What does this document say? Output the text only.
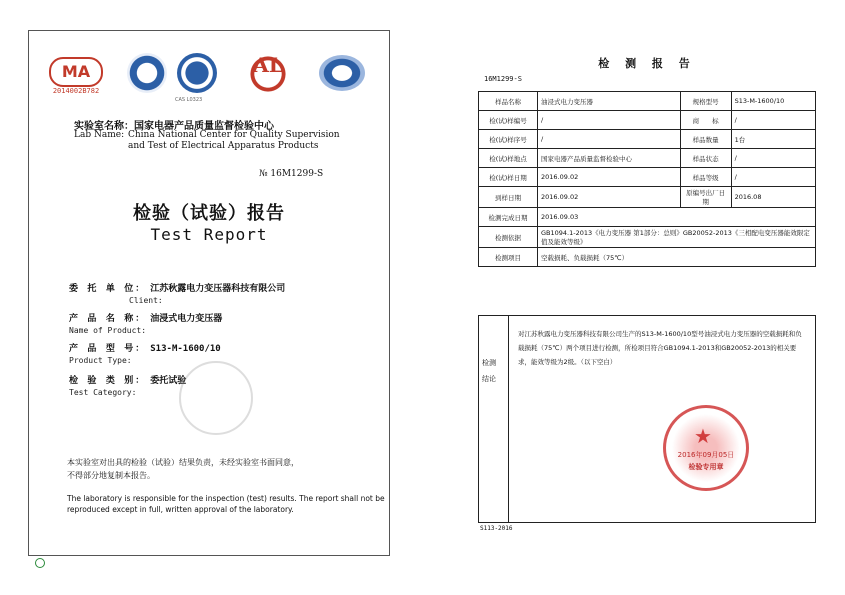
MA
2014002B782
CAS L0323
AL
实验室名称：国家电器产品质量监督检验中心
Lab Name: China National Center for Quality Supervision
and Test of Electrical Apparatus Products
№ 16M1299-S
检验（试验）报告
Test Report
委 托 单 位： 江苏秋露电力变压器科技有限公司
Client:
产 品 名 称： 油浸式电力变压器
Name of Product:
产 品 型 号： S13-M-1600/10
Product Type:
检 验 类 别： 委托试验
Test Category:
本实验室对出具的检验（试验）结果负责，未经实验室书面同意，
不得部分地复制本报告。
The laboratory is responsible for the inspection (test) results. The report shall not be reproduced except in full, written approval of the laboratory.
检 测 报 告
16M1299-S
样品名称	油浸式电力变压器	规格型号	S13-M-1600/10
检(试)样编号	/	商　　标	/
检(试)样序号	/	样品数量	1台
检(试)样地点	国家电器产品质量监督检验中心	样品状态	/
检(试)样日期	2016.09.02	样品等级	/
到样日期	2016.09.02	原编号出厂日期	2016.08
检测完成日期	2016.09.03		
检测依据	GB1094.1-2013《电力变压器 第1部分：总则》GB20052-2013《三相配电变压器能效限定值及能效等级》		
检测项目	空载损耗、负载损耗（75℃）		
检测结论
对江苏秋露电力变压器科技有限公司生产的S13-M-1600/10型号油浸式电力变压器的空载损耗和负载损耗（75℃）两个项目进行检测，所检项目符合GB1094.1-2013和GB20052-2013的相关要求，能效等级为2级。（以下空白）
★
2016年09月05日
检验专用章
S113-2016
